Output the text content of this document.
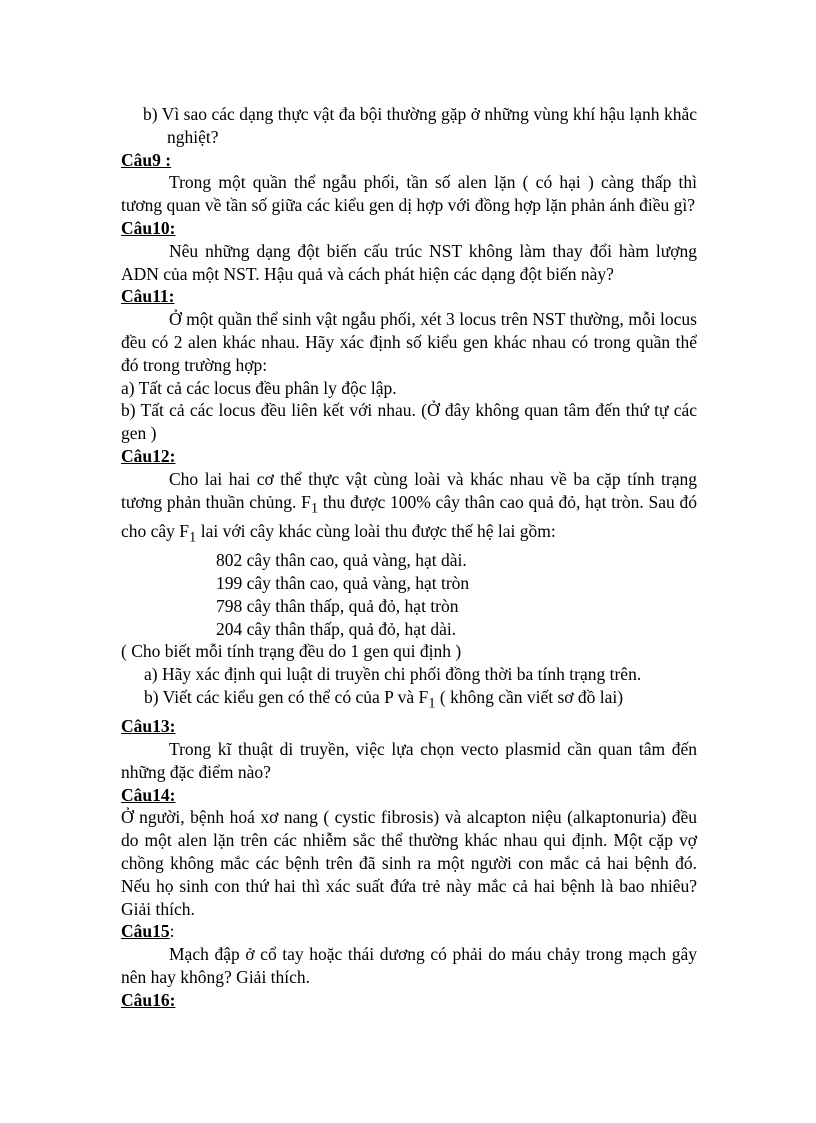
b) Vì sao các dạng thực vật đa bội thường gặp ở những vùng khí hậu lạnh khắc nghiệt?

Câu9 :

Trong một quần thể ngẫu phối, tần số alen lặn ( có hại ) càng thấp thì tương quan về tần số giữa các kiểu gen dị hợp với đồng hợp lặn phản ánh điều gì?

Câu10:

Nêu những dạng đột biến cấu trúc NST không làm thay đổi hàm lượng ADN của một NST. Hậu quả và cách phát hiện các dạng đột biến này?

Câu11:

Ở một quần thể sinh vật ngẫu phối, xét 3 locus trên NST thường, mỗi locus đều có 2 alen khác nhau. Hãy xác định số kiểu gen khác nhau có trong quần thể đó trong trường hợp:

a) Tất cả các locus đều phân ly độc lập.

b) Tất cả các locus đều liên kết với nhau. (Ở đây không quan tâm đến thứ tự các gen )

Câu12:

Cho lai hai cơ thể thực vật cùng loài và khác nhau về ba cặp tính trạng tương phản thuần chủng. $F_1$ thu được 100% cây thân cao quả đỏ, hạt tròn. Sau đó cho cây $F_1$ lai với cây khác cùng loài thu được thế hệ lai gồm:

802 cây thân cao, quả vàng, hạt dài.

199 cây thân cao, quả vàng, hạt tròn

798 cây thân thấp, quả đỏ, hạt tròn

204 cây thân thấp, quả đỏ, hạt dài.

( Cho biết mỗi tính trạng đều do 1 gen qui định )

a) Hãy xác định qui luật di truyền chi phối đồng thời ba tính trạng trên.

b) Viết các kiểu gen có thể có của P và $F_1$ ( không cần viết sơ đồ lai)

Câu13:

Trong kĩ thuật di truyền, việc lựa chọn vecto plasmid cần quan tâm đến những đặc điểm nào?

Câu14:

Ở người, bệnh hoá xơ nang ( cystic fibrosis) và alcapton niệu (alkaptonuria) đều do một alen lặn trên các nhiễm sắc thể thường khác nhau qui định. Một cặp vợ chồng không mắc các bệnh trên đã sinh ra một người con mắc cả hai bệnh đó. Nếu họ sinh con thứ hai thì xác suất đứa trẻ này mắc cả hai bệnh là bao nhiêu? Giải thích.

Câu15:

Mạch đập ở cổ tay hoặc thái dương có phải do máu chảy trong mạch gây nên hay không? Giải thích.

Câu16:
